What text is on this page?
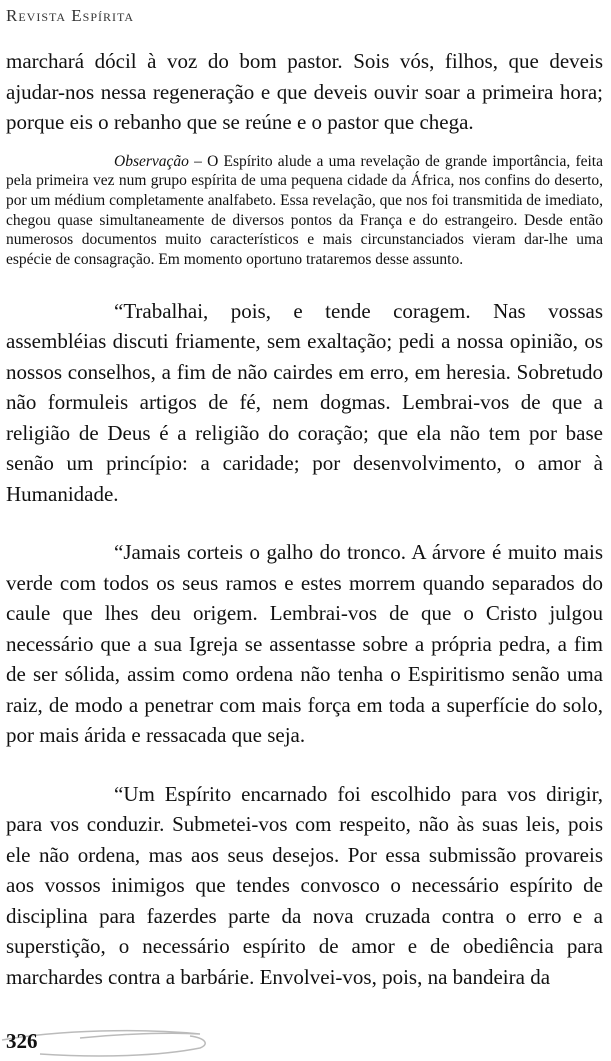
Revista Espírita

marchará dócil à voz do bom pastor. Sois vós, filhos, que deveis ajudar-nos nessa regeneração e que deveis ouvir soar a primeira hora; porque eis o rebanho que se reúne e o pastor que chega.

Observação – O Espírito alude a uma revelação de grande importância, feita pela primeira vez num grupo espírita de uma pequena cidade da África, nos confins do deserto, por um médium completamente analfabeto. Essa revelação, que nos foi transmitida de imediato, chegou quase simultaneamente de diversos pontos da França e do estrangeiro. Desde então numerosos documentos muito característicos e mais circunstanciados vieram dar-lhe uma espécie de consagração. Em momento oportuno trataremos desse assunto.

“Trabalhai, pois, e tende coragem. Nas vossas assembléias discuti friamente, sem exaltação; pedi a nossa opinião, os nossos conselhos, a fim de não cairdes em erro, em heresia. Sobretudo não formuleis artigos de fé, nem dogmas. Lembrai-vos de que a religião de Deus é a religião do coração; que ela não tem por base senão um princípio: a caridade; por desenvolvimento, o amor à Humanidade.

“Jamais corteis o galho do tronco. A árvore é muito mais verde com todos os seus ramos e estes morrem quando separados do caule que lhes deu origem. Lembrai-vos de que o Cristo julgou necessário que a sua Igreja se assentasse sobre a própria pedra, a fim de ser sólida, assim como ordena não tenha o Espiritismo senão uma raiz, de modo a penetrar com mais força em toda a superfície do solo, por mais árida e ressacada que seja.

“Um Espírito encarnado foi escolhido para vos dirigir, para vos conduzir. Submetei-vos com respeito, não às suas leis, pois ele não ordena, mas aos seus desejos. Por essa submissão provareis aos vossos inimigos que tendes convosco o necessário espírito de disciplina para fazerdes parte da nova cruzada contra o erro e a superstição, o necessário espírito de amor e de obediência para marchardes contra a barbárie. Envolvei-vos, pois, na bandeira da

326
